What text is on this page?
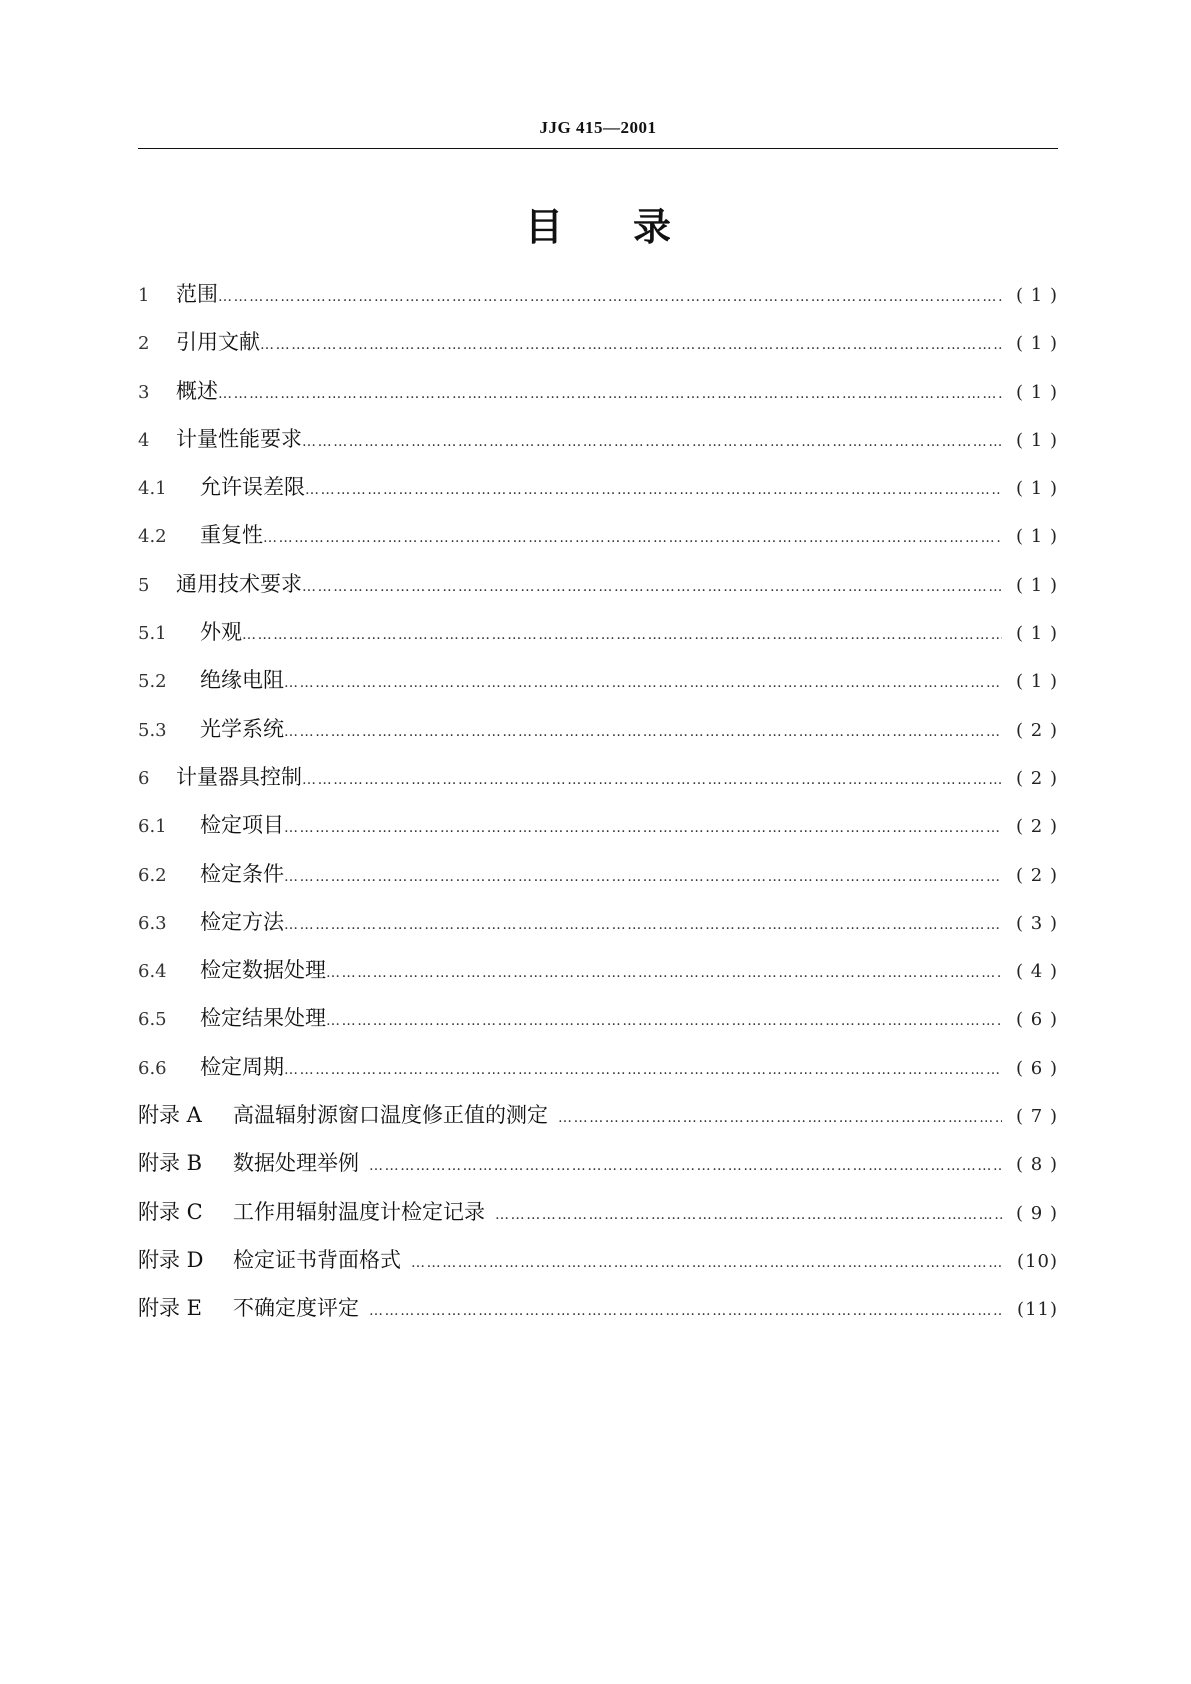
JJG 415—2001
目录
1	范围 …………………………………………………………………………………………………………………………………………………………………………………………………	( 1 )
2	引用文献 …………………………………………………………………………………………………………………………………………………………………………………………………	( 1 )
3	概述 …………………………………………………………………………………………………………………………………………………………………………………………………	( 1 )
4	计量性能要求 …………………………………………………………………………………………………………………………………………………………………………………………………	( 1 )
4.1	允许误差限 …………………………………………………………………………………………………………………………………………………………………………………………………	( 1 )
4.2	重复性 …………………………………………………………………………………………………………………………………………………………………………………………………	( 1 )
5	通用技术要求 …………………………………………………………………………………………………………………………………………………………………………………………………	( 1 )
5.1	外观 …………………………………………………………………………………………………………………………………………………………………………………………………	( 1 )
5.2	绝缘电阻 …………………………………………………………………………………………………………………………………………………………………………………………………	( 1 )
5.3	光学系统 …………………………………………………………………………………………………………………………………………………………………………………………………	( 2 )
6	计量器具控制 …………………………………………………………………………………………………………………………………………………………………………………………………	( 2 )
6.1	检定项目 …………………………………………………………………………………………………………………………………………………………………………………………………	( 2 )
6.2	检定条件 …………………………………………………………………………………………………………………………………………………………………………………………………	( 2 )
6.3	检定方法 …………………………………………………………………………………………………………………………………………………………………………………………………	( 3 )
6.4	检定数据处理 …………………………………………………………………………………………………………………………………………………………………………………………………	( 4 )
6.5	检定结果处理 …………………………………………………………………………………………………………………………………………………………………………………………………	( 6 )
6.6	检定周期 …………………………………………………………………………………………………………………………………………………………………………………………………	( 6 )
附录 A	高温辐射源窗口温度修正值的测定 …………………………………………………………………………………………………………………………………………………………………………………………………	( 7 )
附录 B	数据处理举例 …………………………………………………………………………………………………………………………………………………………………………………………………	( 8 )
附录 C	工作用辐射温度计检定记录 …………………………………………………………………………………………………………………………………………………………………………………………………	( 9 )
附录 D	检定证书背面格式 …………………………………………………………………………………………………………………………………………………………………………………………………	(10)
附录 E	不确定度评定 …………………………………………………………………………………………………………………………………………………………………………………………………	(11)
